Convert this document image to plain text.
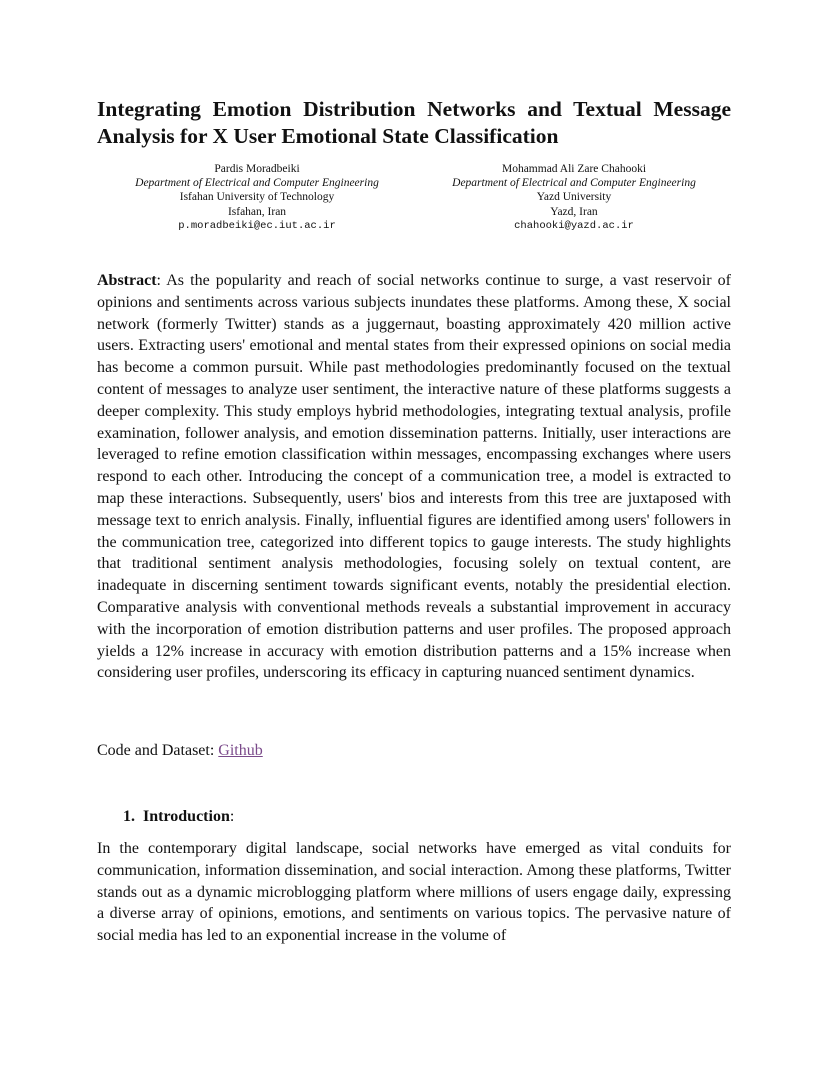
Integrating Emotion Distribution Networks and Textual Message Analysis for X User Emotional State Classification
Pardis Moradbeiki
Department of Electrical and Computer Engineering
Isfahan University of Technology
Isfahan, Iran
p.moradbeiki@ec.iut.ac.ir
Mohammad Ali Zare Chahooki
Department of Electrical and Computer Engineering
Yazd University
Yazd, Iran
chahooki@yazd.ac.ir

Abstract: As the popularity and reach of social networks continue to surge, a vast reservoir of opinions and sentiments across various subjects inundates these platforms. Among these, X social network (formerly Twitter) stands as a juggernaut, boasting approximately 420 million active users. Extracting users' emotional and mental states from their expressed opinions on social media has become a common pursuit. While past methodologies predominantly focused on the textual content of messages to analyze user sentiment, the interactive nature of these platforms suggests a deeper complexity. This study employs hybrid methodologies, integrating textual analysis, profile examination, follower analysis, and emotion dissemination patterns. Initially, user interactions are leveraged to refine emotion classification within messages, encompassing exchanges where users respond to each other. Introducing the concept of a communication tree, a model is extracted to map these interactions. Subsequently, users' bios and interests from this tree are juxtaposed with message text to enrich analysis. Finally, influential figures are identified among users' followers in the communication tree, categorized into different topics to gauge interests. The study highlights that traditional sentiment analysis methodologies, focusing solely on textual content, are inadequate in discerning sentiment towards significant events, notably the presidential election. Comparative analysis with conventional methods reveals a substantial improvement in accuracy with the incorporation of emotion distribution patterns and user profiles. The proposed approach yields a 12% increase in accuracy with emotion distribution patterns and a 15% increase when considering user profiles, underscoring its efficacy in capturing nuanced sentiment dynamics.

Code and Dataset: Github
1. Introduction:

In the contemporary digital landscape, social networks have emerged as vital conduits for communication, information dissemination, and social interaction. Among these platforms, Twitter stands out as a dynamic microblogging platform where millions of users engage daily, expressing a diverse array of opinions, emotions, and sentiments on various topics. The pervasive nature of social media has led to an exponential increase in the volume of
